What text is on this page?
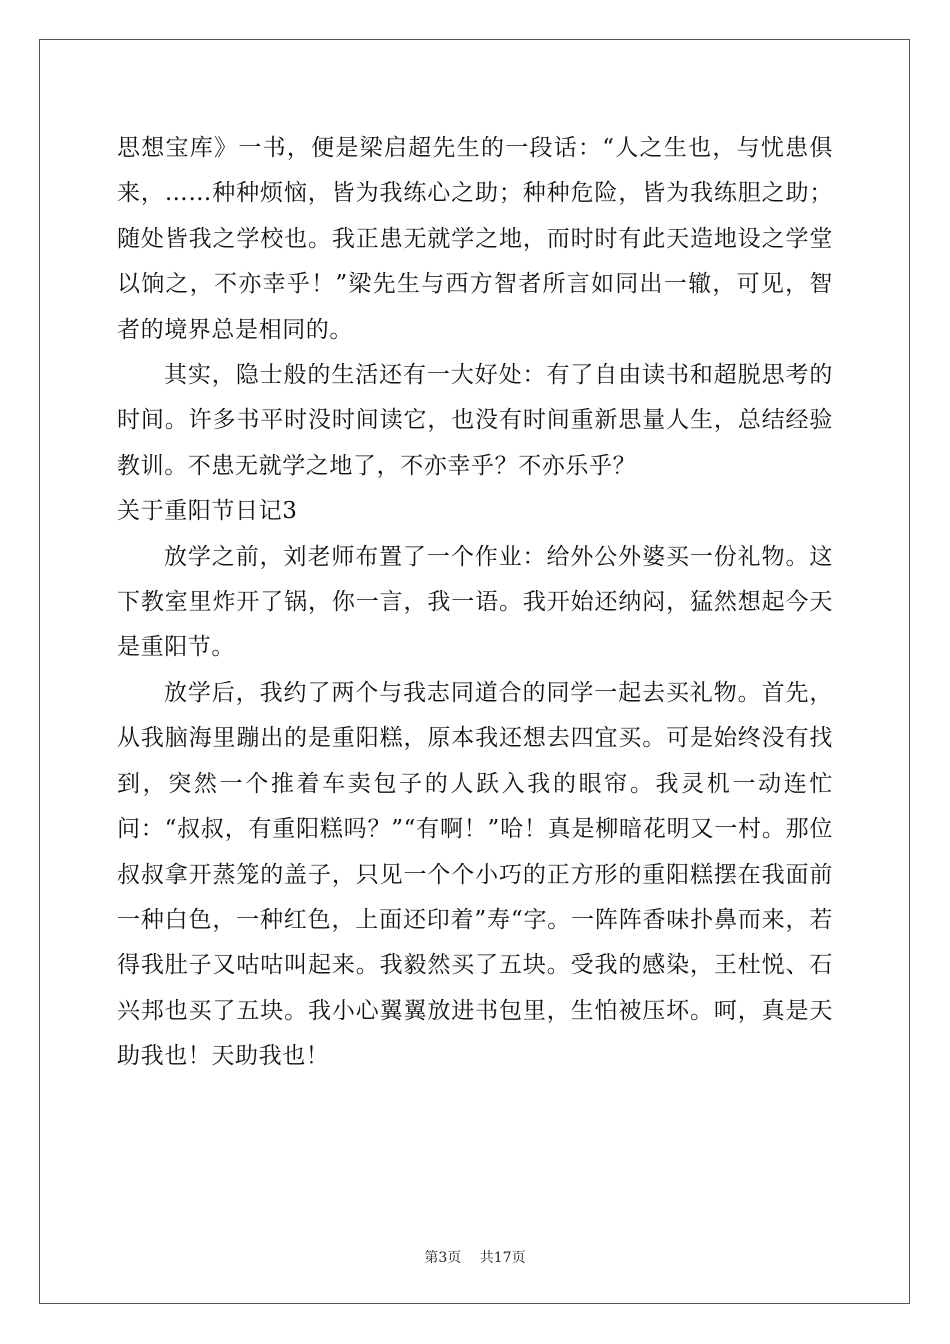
思想宝库》一书，便是梁启超先生的一段话：“人之生也，与忧患俱来，……种种烦恼，皆为我练心之助；种种危险，皆为我练胆之助；随处皆我之学校也。我正患无就学之地，而时时有此天造地设之学堂以饷之，不亦幸乎！”梁先生与西方智者所言如同出一辙，可见，智者的境界总是相同的。

其实，隐士般的生活还有一大好处：有了自由读书和超脱思考的时间。许多书平时没时间读它，也没有时间重新思量人生，总结经验教训。不患无就学之地了，不亦幸乎？不亦乐乎？

关于重阳节日记3

放学之前，刘老师布置了一个作业：给外公外婆买一份礼物。这下教室里炸开了锅，你一言，我一语。我开始还纳闷，猛然想起今天是重阳节。

放学后，我约了两个与我志同道合的同学一起去买礼物。首先，从我脑海里蹦出的是重阳糕，原本我还想去四宜买。可是始终没有找到，突然一个推着车卖包子的人跃入我的眼帘。我灵机一动连忙问：“叔叔，有重阳糕吗？”“有啊！”哈！真是柳暗花明又一村。那位叔叔拿开蒸笼的盖子，只见一个个小巧的正方形的重阳糕摆在我面前一种白色，一种红色，上面还印着”寿“字。一阵阵香味扑鼻而来，若得我肚子又咕咕叫起来。我毅然买了五块。受我的感染，王杜悦、石兴邦也买了五块。我小心翼翼放进书包里，生怕被压坏。呵，真是天助我也！天助我也！

第3页 共17页
